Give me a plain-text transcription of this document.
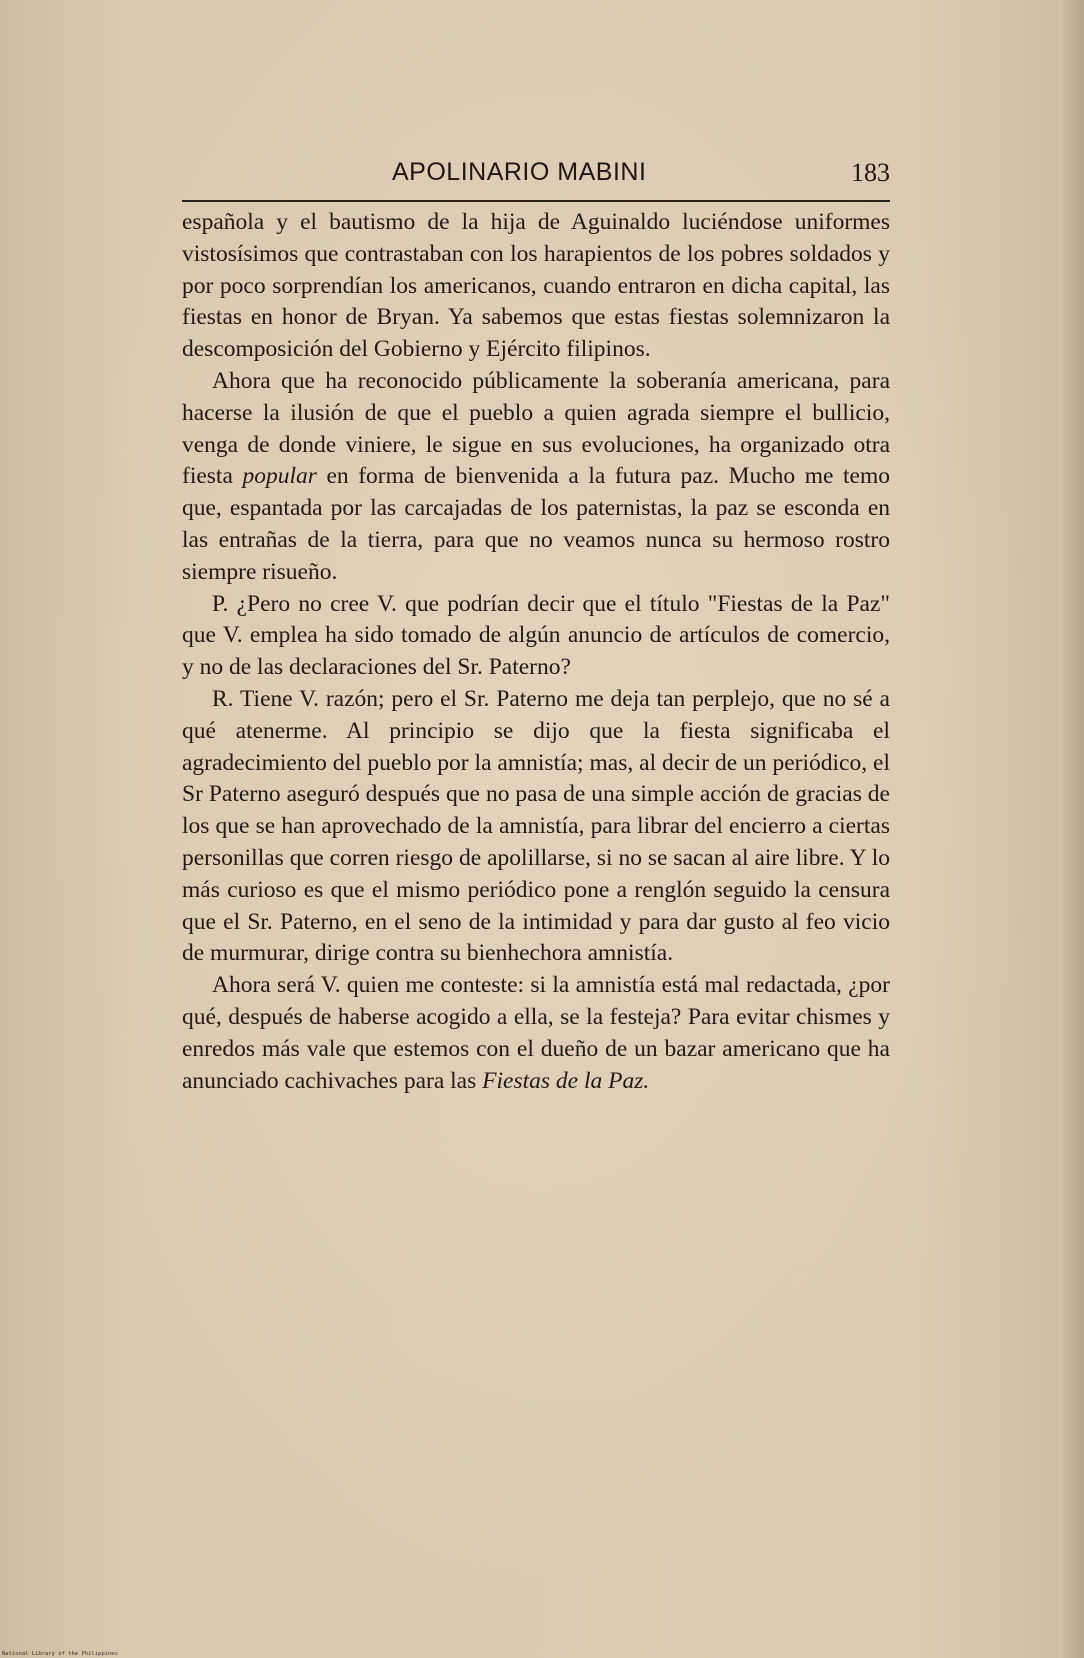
APOLINARIO MABINI	183

española y el bautismo de la hija de Aguinaldo luciéndose uniformes vistosísimos que contrastaban con los harapientos de los pobres soldados y por poco sorprendían los americanos, cuando entraron en dicha capital, las fiestas en honor de Bryan. Ya sabemos que estas fiestas solemnizaron la descomposición del Gobierno y Ejército filipinos.

Ahora que ha reconocido públicamente la soberanía americana, para hacerse la ilusión de que el pueblo a quien agrada siempre el bullicio, venga de donde viniere, le sigue en sus evoluciones, ha organizado otra fiesta popular en forma de bienvenida a la futura paz. Mucho me temo que, espantada por las carcajadas de los paternistas, la paz se esconda en las entrañas de la tierra, para que no veamos nunca su hermoso rostro siempre risueño.

P. ¿Pero no cree V. que podrían decir que el título "Fiestas de la Paz" que V. emplea ha sido tomado de algún anuncio de artículos de comercio, y no de las declaraciones del Sr. Paterno?

R. Tiene V. razón; pero el Sr. Paterno me deja tan perplejo, que no sé a qué atenerme. Al principio se dijo que la fiesta significaba el agradecimiento del pueblo por la amnistía; mas, al decir de un periódico, el Sr Paterno aseguró después que no pasa de una simple acción de gracias de los que se han aprovechado de la amnistía, para librar del encierro a ciertas personillas que corren riesgo de apolillarse, si no se sacan al aire libre. Y lo más curioso es que el mismo periódico pone a renglón seguido la censura que el Sr. Paterno, en el seno de la intimidad y para dar gusto al feo vicio de murmurar, dirige contra su bienhechora amnistía.

Ahora será V. quien me conteste: si la amnistía está mal redactada, ¿por qué, después de haberse acogido a ella, se la festeja? Para evitar chismes y enredos más vale que estemos con el dueño de un bazar americano que ha anunciado cachivaches para las Fiestas de la Paz.

National Library of the Philippines
